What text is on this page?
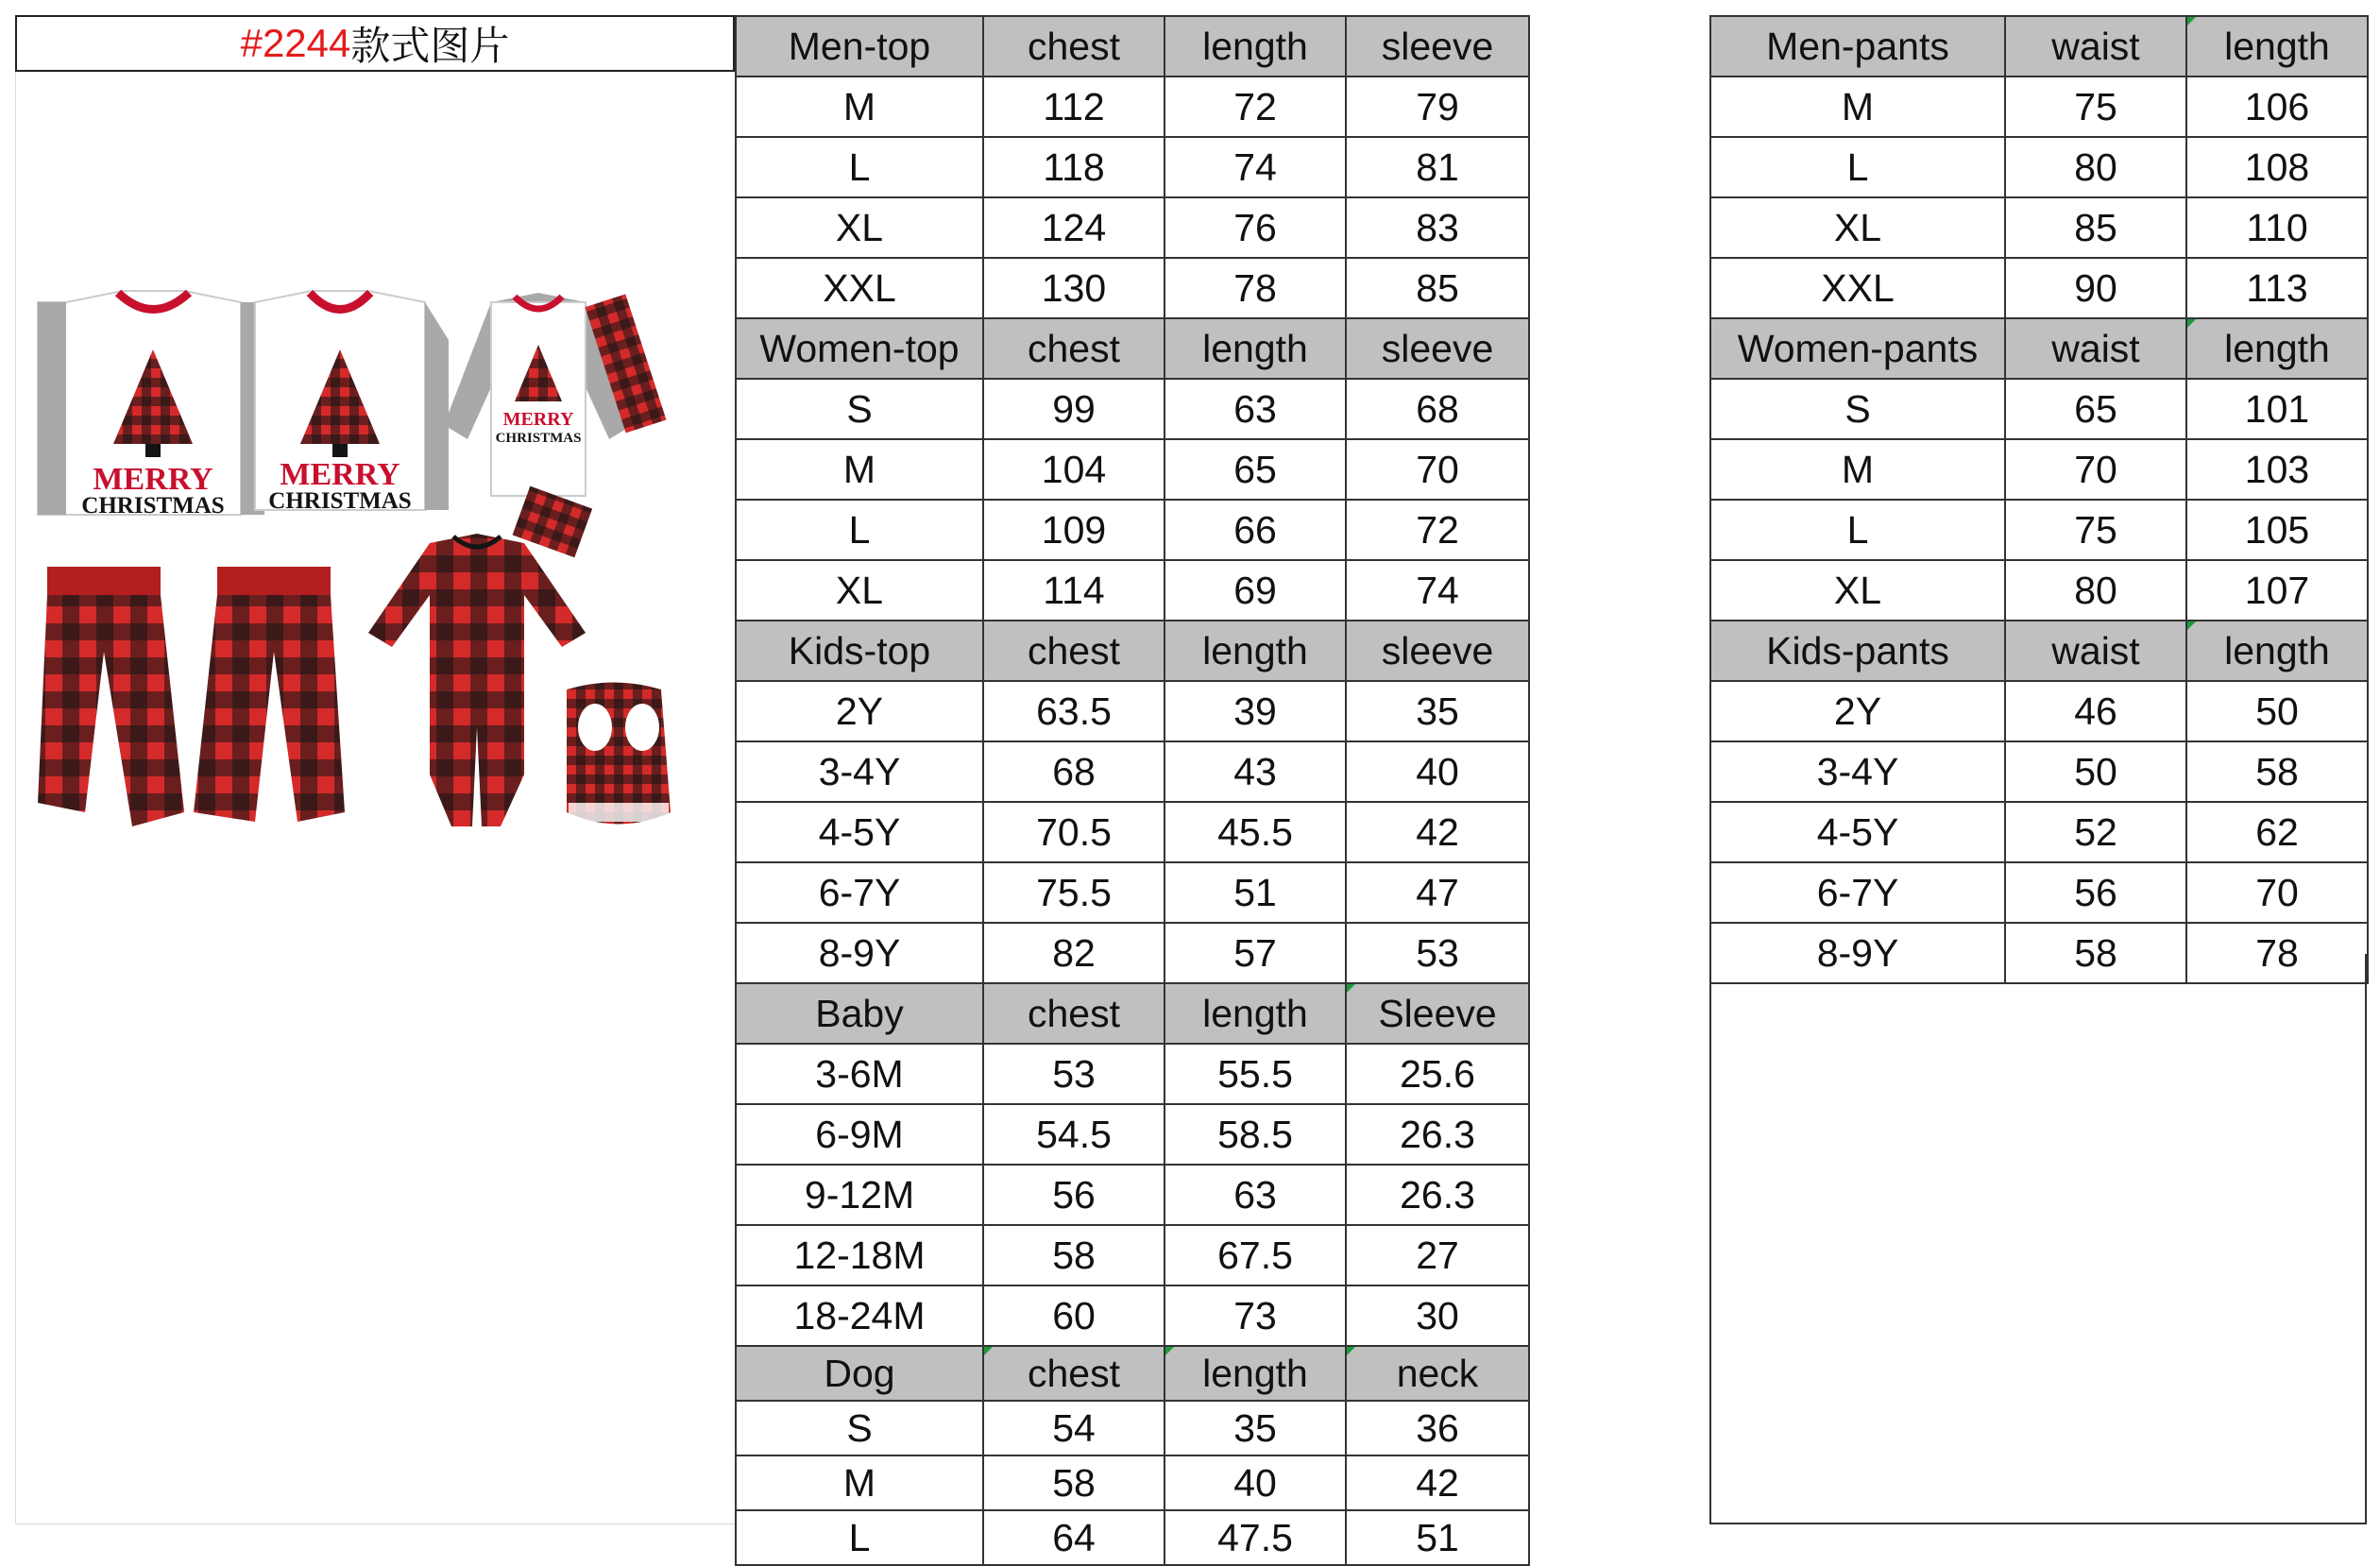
#2244 款式图片
MERRY
CHRISTMAS
MERRY
CHRISTMAS
MERRY
CHRISTMAS
Men-top	chest	length	sleeve
M	112	72	79
L	118	74	81
XL	124	76	83
XXL	130	78	85
Women-top	chest	length	sleeve
S	99	63	68
M	104	65	70
L	109	66	72
XL	114	69	74
Kids-top	chest	length	sleeve
2Y	63.5	39	35
3-4Y	68	43	40
4-5Y	70.5	45.5	42
6-7Y	75.5	51	47
8-9Y	82	57	53
Baby	chest	length	Sleeve
3-6M	53	55.5	25.6
6-9M	54.5	58.5	26.3
9-12M	56	63	26.3
12-18M	58	67.5	27
18-24M	60	73	30
Dog	chest	length	neck
S	54	35	36
M	58	40	42
L	64	47.5	51
Men-pants	waist	length
M	75	106
L	80	108
XL	85	110
XXL	90	113
Women-pants	waist	length
S	65	101
M	70	103
L	75	105
XL	80	107
Kids-pants	waist	length
2Y	46	50
3-4Y	50	58
4-5Y	52	62
6-7Y	56	70
8-9Y	58	78
